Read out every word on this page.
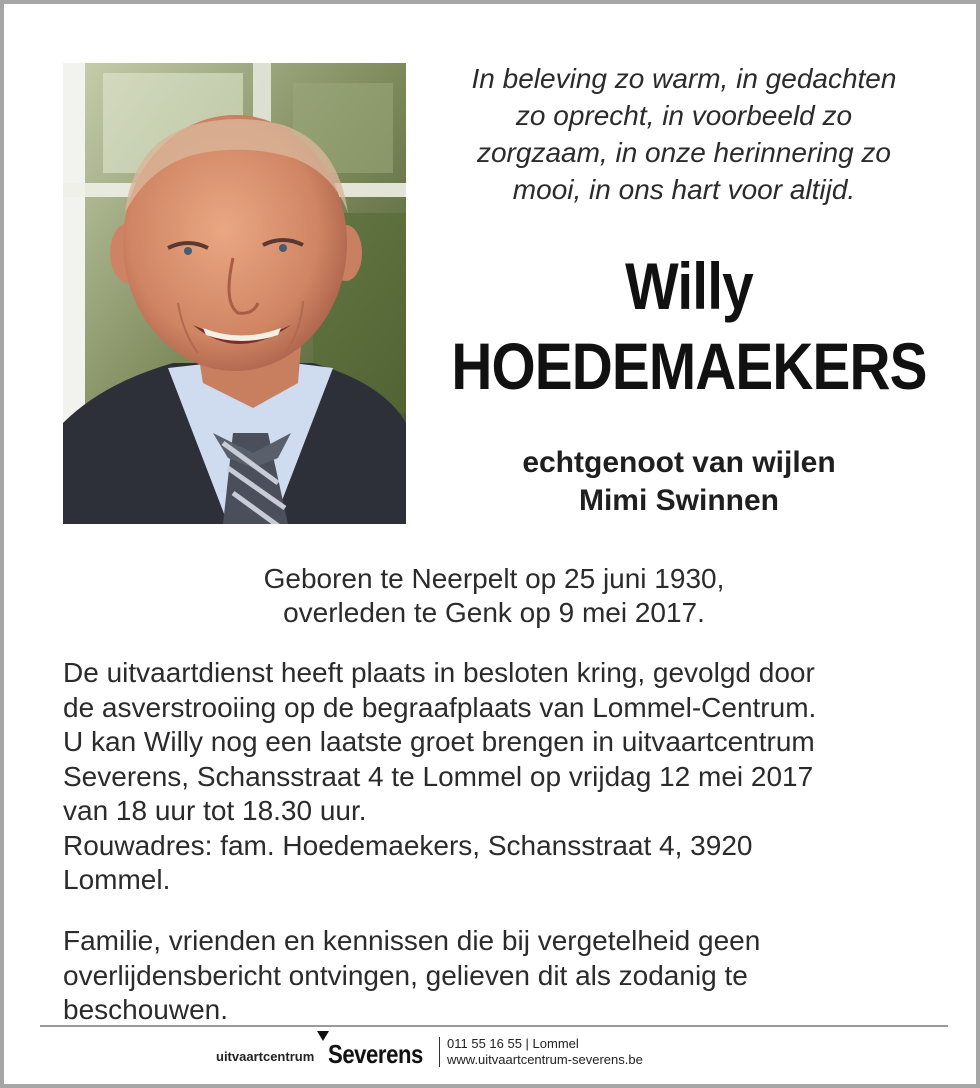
In beleving zo warm, in gedachten
zo oprecht, in voorbeeld zo
zorgzaam, in onze herinnering zo
mooi, in ons hart voor altijd.
Willy
HOEDEMAEKERS
echtgenoot van wijlen
Mimi Swinnen
Geboren te Neerpelt op 25 juni 1930,
overleden te Genk op 9 mei 2017.
De uitvaartdienst heeft plaats in besloten kring, gevolgd door
de asverstrooiing op de begraafplaats van Lommel-Centrum.
U kan Willy nog een laatste groet brengen in uitvaartcentrum
Severens, Schansstraat 4 te Lommel op vrijdag 12 mei 2017
van 18 uur tot 18.30 uur.
Rouwadres: fam. Hoedemaekers, Schansstraat 4, 3920
Lommel.
Familie, vrienden en kennissen die bij vergetelheid geen
overlijdensbericht ontvingen, gelieven dit als zodanig te
beschouwen.
uitvaartcentrum Severens 011 55 16 55 | Lommel
www.uitvaartcentrum-severens.be
